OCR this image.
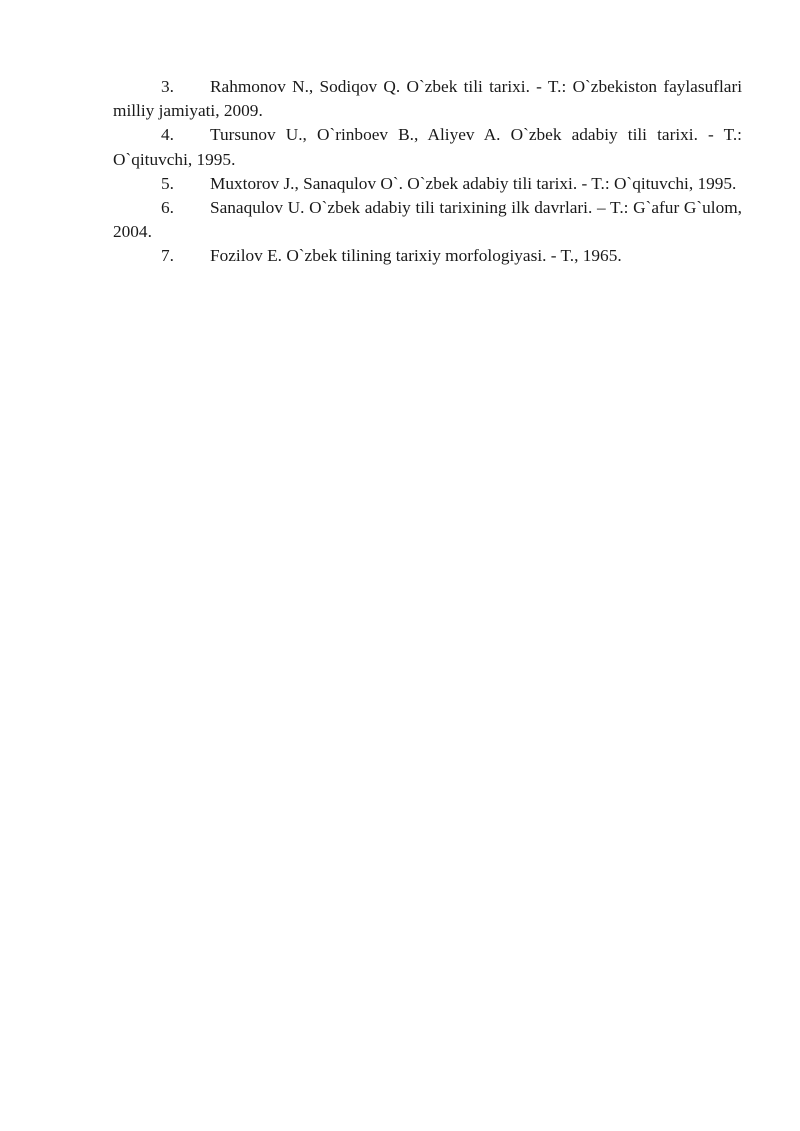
3. Rahmonov N., Sodiqov Q. O`zbek tili tarixi. - T.: O`zbekiston faylasuflari milliy jamiyati, 2009.
4. Tursunov U., O`rinboev B., Aliyev A. O`zbek adabiy tili tarixi. - T.: O`qituvchi, 1995.
5. Muxtorov J., Sanaqulov O`. O`zbek adabiy tili tarixi. - T.: O`qituvchi, 1995.
6. Sanaqulov U. O`zbek adabiy tili tarixining ilk davrlari. – T.: G`afur G`ulom, 2004.
7. Fozilov E. O`zbek tilining tarixiy morfologiyasi. - T., 1965.
